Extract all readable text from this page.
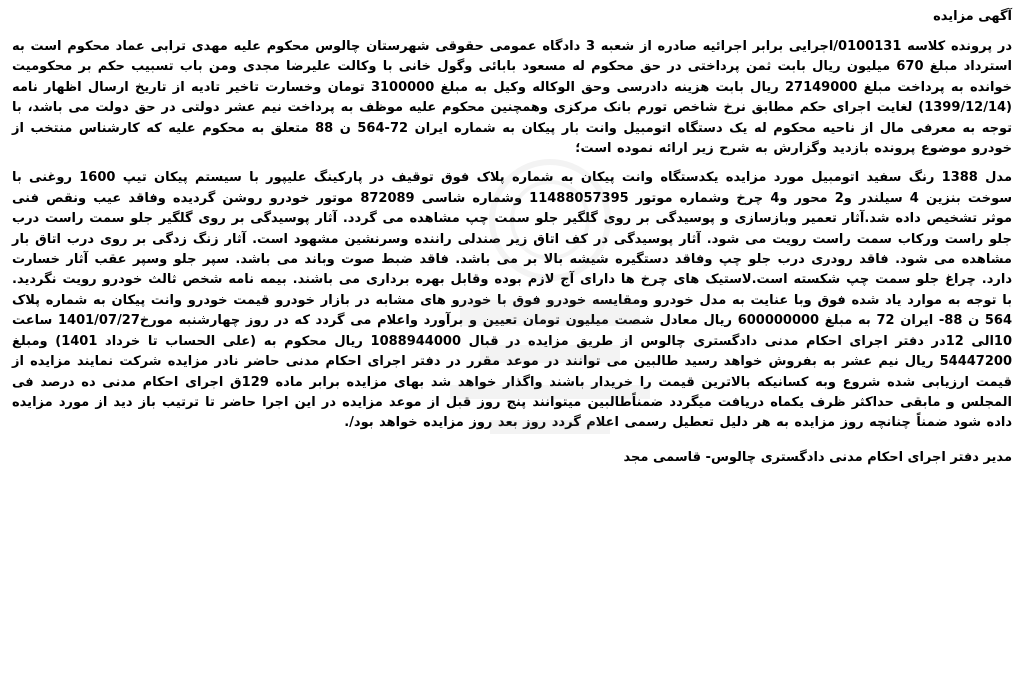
آگهی مزایده

در پرونده کلاسه 0100131/اجرایی برابر اجرائیه صادره از شعبه 3 دادگاه عمومی حقوقی شهرستان چالوس محکوم علیه مهدی ترابی عماد محکوم است به استرداد مبلغ 670 میلیون ریال بابت ثمن پرداختی در حق محکوم له مسعود بابائی وگول خانی با وکالت علیرضا مجدی ومن باب تسبیب حکم بر محکومیت خوانده به پرداخت مبلغ 27149000 ریال بابت هزینه دادرسی وحق الوکاله وکیل به مبلغ 3100000 تومان وخسارت تاخیر تادیه از تاریخ ارسال اظهار نامه (1399/12/14) لغایت اجرای حکم مطابق نرخ شاخص تورم بانک مرکزی وهمچنین محکوم علیه موظف به پرداخت نیم عشر دولتی در حق دولت می باشد، با توجه به معرفی مال از ناحیه محکوم له یک دستگاه اتومبیل وانت بار پیکان به شماره ایران 72-564 ن 88 متعلق به محکوم علیه که کارشناس منتخب از خودرو موضوع پرونده بازدید وگزارش به شرح زیر ارائه نموده است؛

مدل 1388 رنگ سفید اتومبیل مورد مزایده یکدستگاه وانت پیکان به شماره پلاک فوق توقیف در پارکینگ علیپور با سیستم پیکان تیپ 1600 روغنی با سوخت بنزین 4 سیلندر و2 محور و4 چرخ وشماره موتور 11488057395 وشماره شاسی 872089 موتور خودرو روشن گردیده وفاقد عیب ونقص فنی موثر تشخیص داده شد.آثار تعمیر وبازسازی و پوسیدگی بر روی گلگیر جلو سمت چپ مشاهده می گردد. آثار پوسیدگی بر روی گلگیر جلو سمت راست درب جلو راست ورکاب سمت راست رویت می شود. آثار پوسیدگی در کف اتاق زیر صندلی راننده وسرنشین مشهود است. آثار زنگ زدگی بر روی درب اتاق بار مشاهده می شود. فاقد رودری درب جلو چپ وفاقد دستگیره شیشه بالا بر می باشد. فاقد ضبط صوت وباند می باشد. سپر جلو وسپر عقب آثار خسارت دارد. چراغ جلو سمت چپ شکسته است.لاستیک های چرخ ها دارای آج لازم بوده وقابل بهره برداری می باشند. بیمه نامه شخص ثالث خودرو رویت نگردید. با توجه به موارد یاد شده فوق وبا عنایت به مدل خودرو ومقایسه خودرو فوق با خودرو های مشابه در بازار خودرو قیمت خودرو وانت پیکان به شماره پلاک 564 ن 88- ایران 72 به مبلغ 600000000 ریال معادل شصت میلیون تومان تعیین و برآورد واعلام می گردد که در روز چهارشنبه مورخ1401/07/27 ساعت 10الی 12در دفتر اجرای احکام مدنی دادگستری چالوس از طریق مزایده در قبال 1088944000 ریال محکوم به (علی الحساب تا خرداد 1401) ومبلغ 54447200 ریال نیم عشر به بفروش خواهد رسید طالبین می توانند در موعد مقرر در دفتر اجرای احکام مدنی حاضر نادر مزایده شرکت نمایند مزایده از قیمت ارزیابی شده شروع وبه کسانیکه بالاترین قیمت را خریدار باشند واگذار خواهد شد بهای مزایده برابر ماده 129ق اجرای احکام مدنی ده درصد فی المجلس و مابقی حداکثر ظرف یکماه دریافت میگردد ضمناًطالبین میتوانند پنج روز قبل از موعد مزایده در این اجرا حاضر تا ترتیب باز دید از مورد مزایده داده شود ضمناً چنانچه روز مزایده به هر دلیل تعطیل رسمی اعلام گردد روز بعد روز مزایده خواهد بود/.

مدیر دفتر اجرای احکام مدنی دادگستری چالوس- قاسمی مجد
